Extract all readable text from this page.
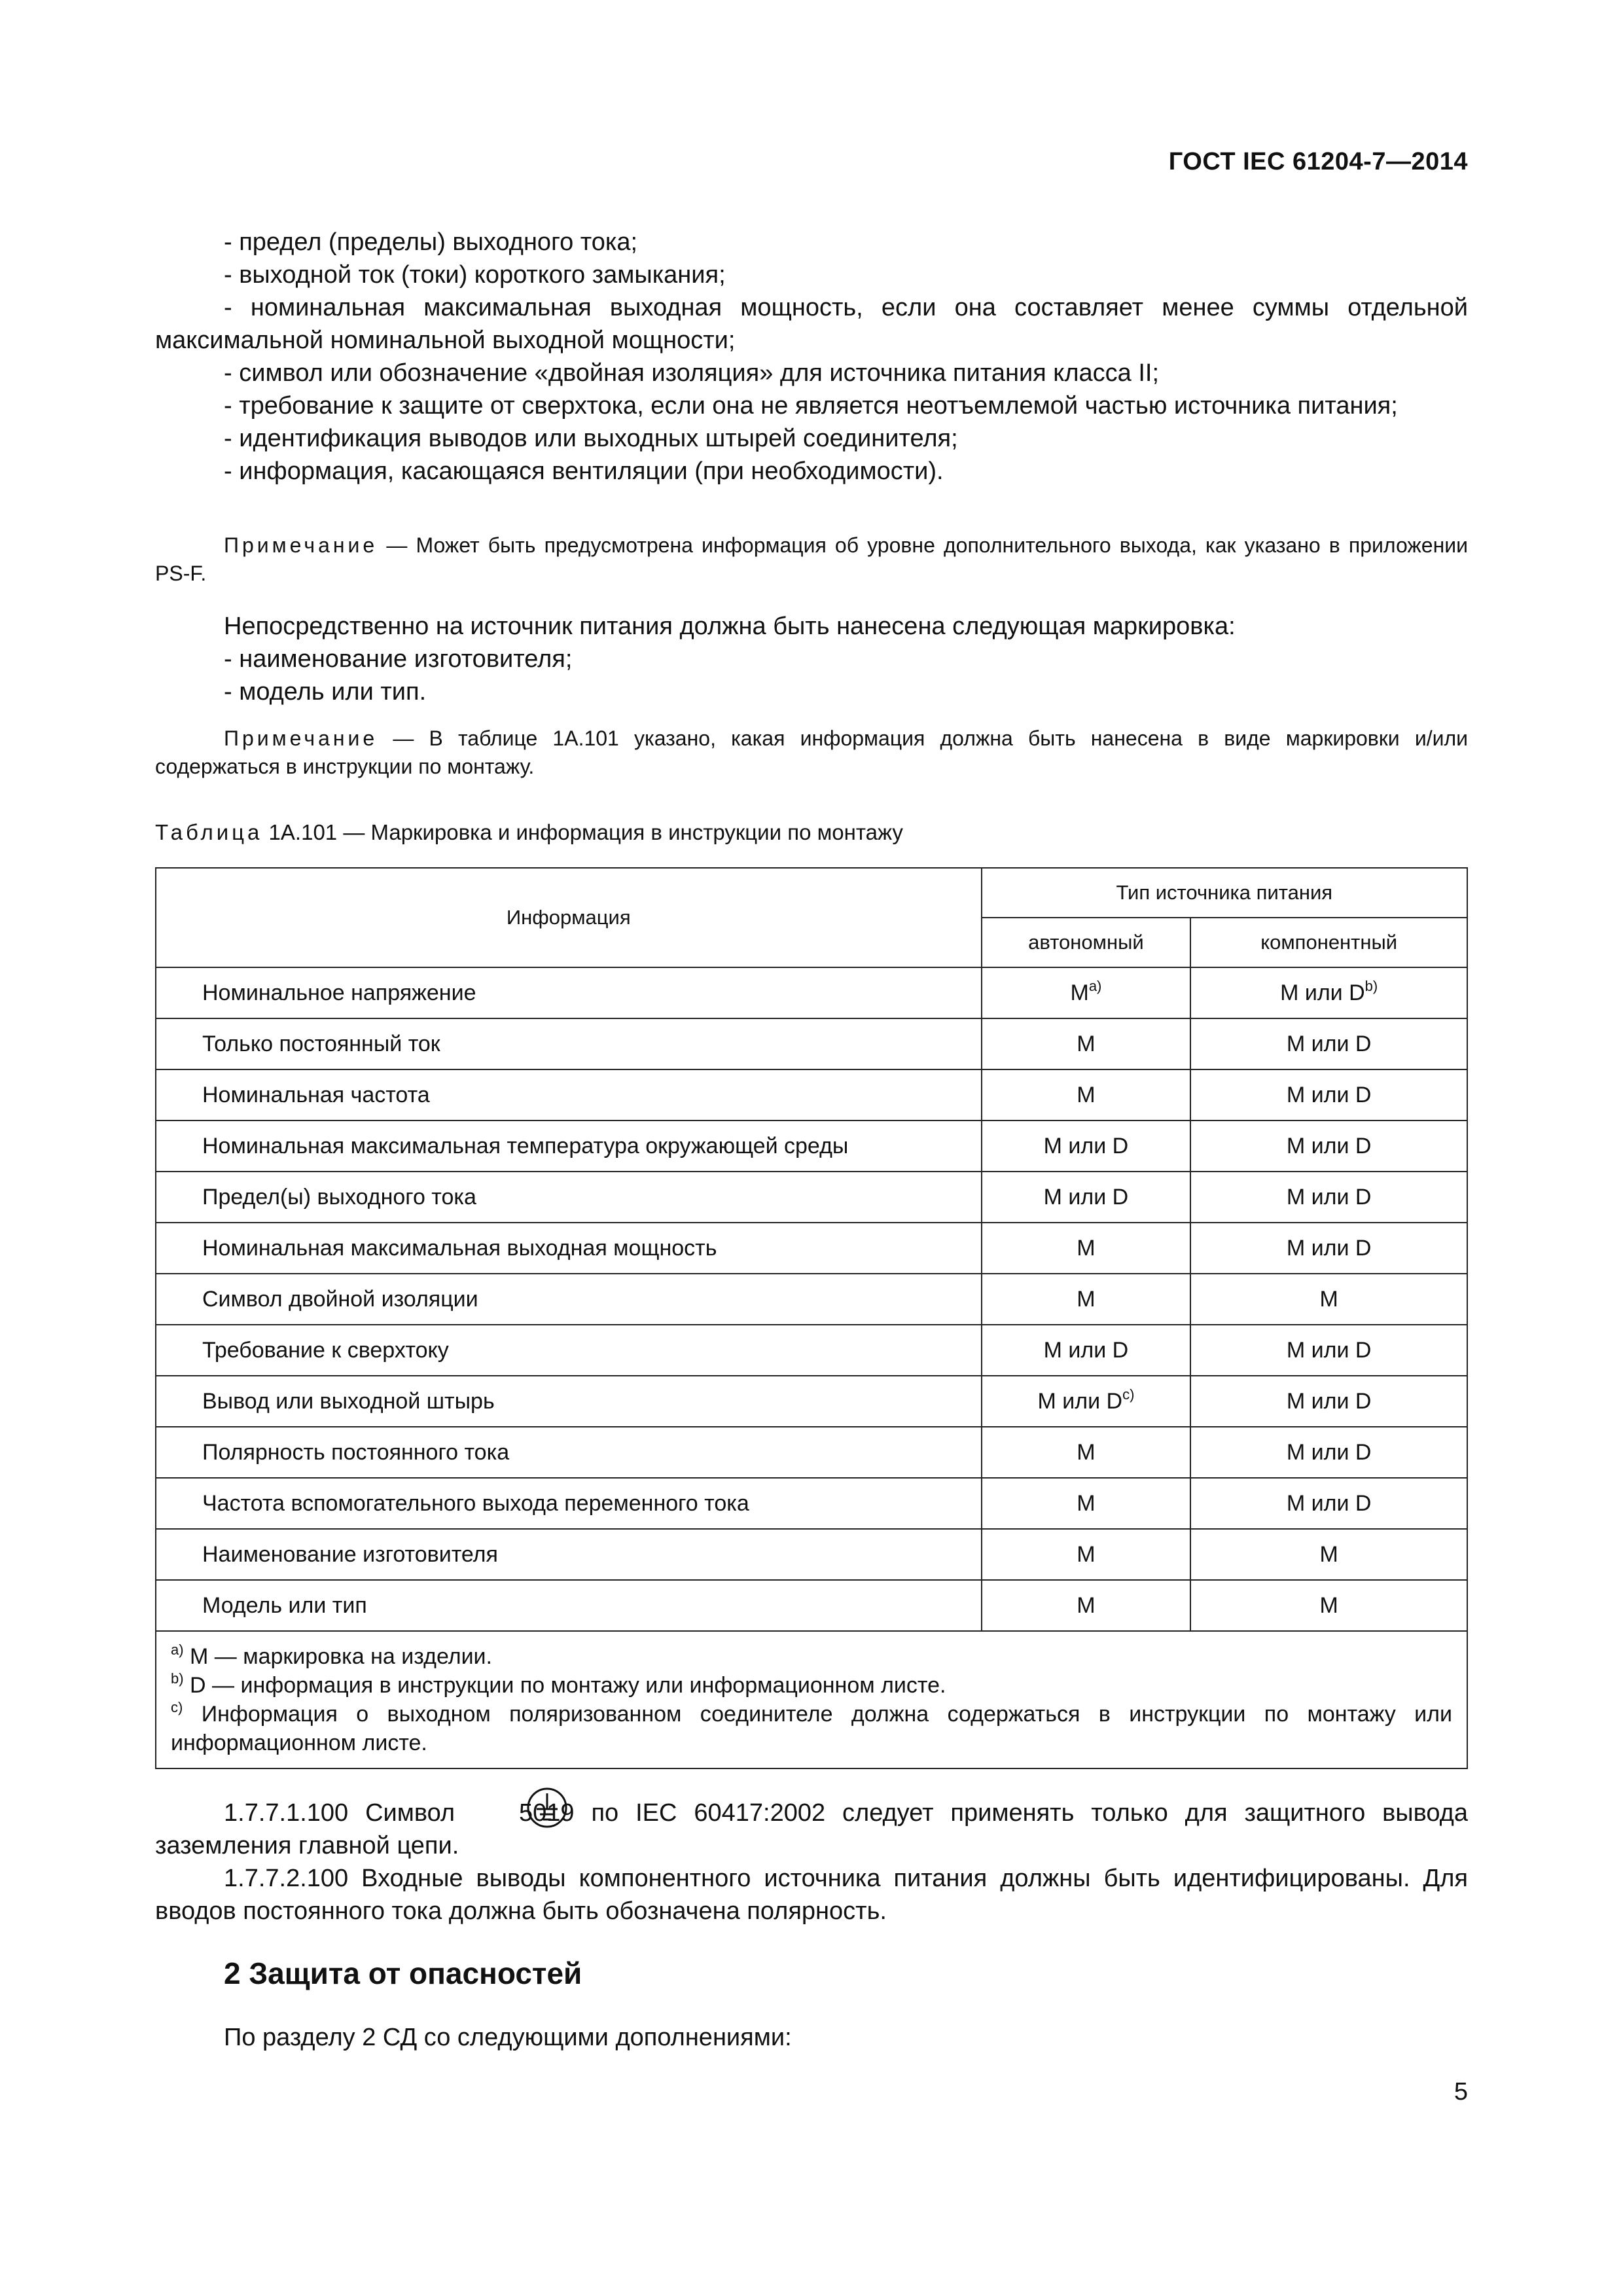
ГОСТ IEC 61204-7—2014

- предел (пределы) выходного тока;

- выходной ток (токи) короткого замыкания;

- номинальная максимальная выходная мощность, если она составляет менее суммы отдельной максимальной номинальной выходной мощности;

- символ или обозначение «двойная изоляция» для источника питания класса II;

- требование к защите от сверхтока, если она не является неотъемлемой частью источника питания;

- идентификация выводов или выходных штырей соединителя;

- информация, касающаяся вентиляции (при необходимости).

Примечание — Может быть предусмотрена информация об уровне дополнительного выхода, как указано в приложении PS-F.

Непосредственно на источник питания должна быть нанесена следующая маркировка:

- наименование изготовителя;

- модель или тип.

Примечание — В таблице 1А.101 указано, какая информация должна быть нанесена в виде маркировки и/или содержаться в инструкции по монтажу.

Таблица 1А.101 — Маркировка и информация в инструкции по монтажу
Информация	Тип источника питания	
	автономный	компонентный
Номинальное напряжение	$M^{a)}$	M или $D^{b)}$
Только постоянный ток	M	M или D
Номинальная частота	M	M или D
Номинальная максимальная температура окружающей среды	M или D	M или D
Предел(ы) выходного тока	M или D	M или D
Номинальная максимальная выходная мощность	M	M или D
Символ двойной изоляции	M	M
Требование к сверхтоку	M или D	M или D
Вывод или выходной штырь	M или $D^{c)}$	M или D
Полярность постоянного тока	M	M или D
Частота вспомогательного выхода переменного тока	M	M или D
Наименование изготовителя	M	M
Модель или тип	M	M

$^{a)}$ M — маркировка на изделии.
$^{b)}$ D — информация в инструкции по монтажу или информационном листе.
$^{c)}$ Информация о выходном поляризованном соединителе должна содержаться в инструкции по монтажу или информационном листе.		

1.7.7.1.100 Символ 5019 по IEC 60417:2002 следует применять только для защитного вывода заземления главной цепи.

1.7.7.2.100 Входные выводы компонентного источника питания должны быть идентифицированы. Для вводов постоянного тока должна быть обозначена полярность.

2 Защита от опасностей

По разделу 2 СД со следующими дополнениями:

5
